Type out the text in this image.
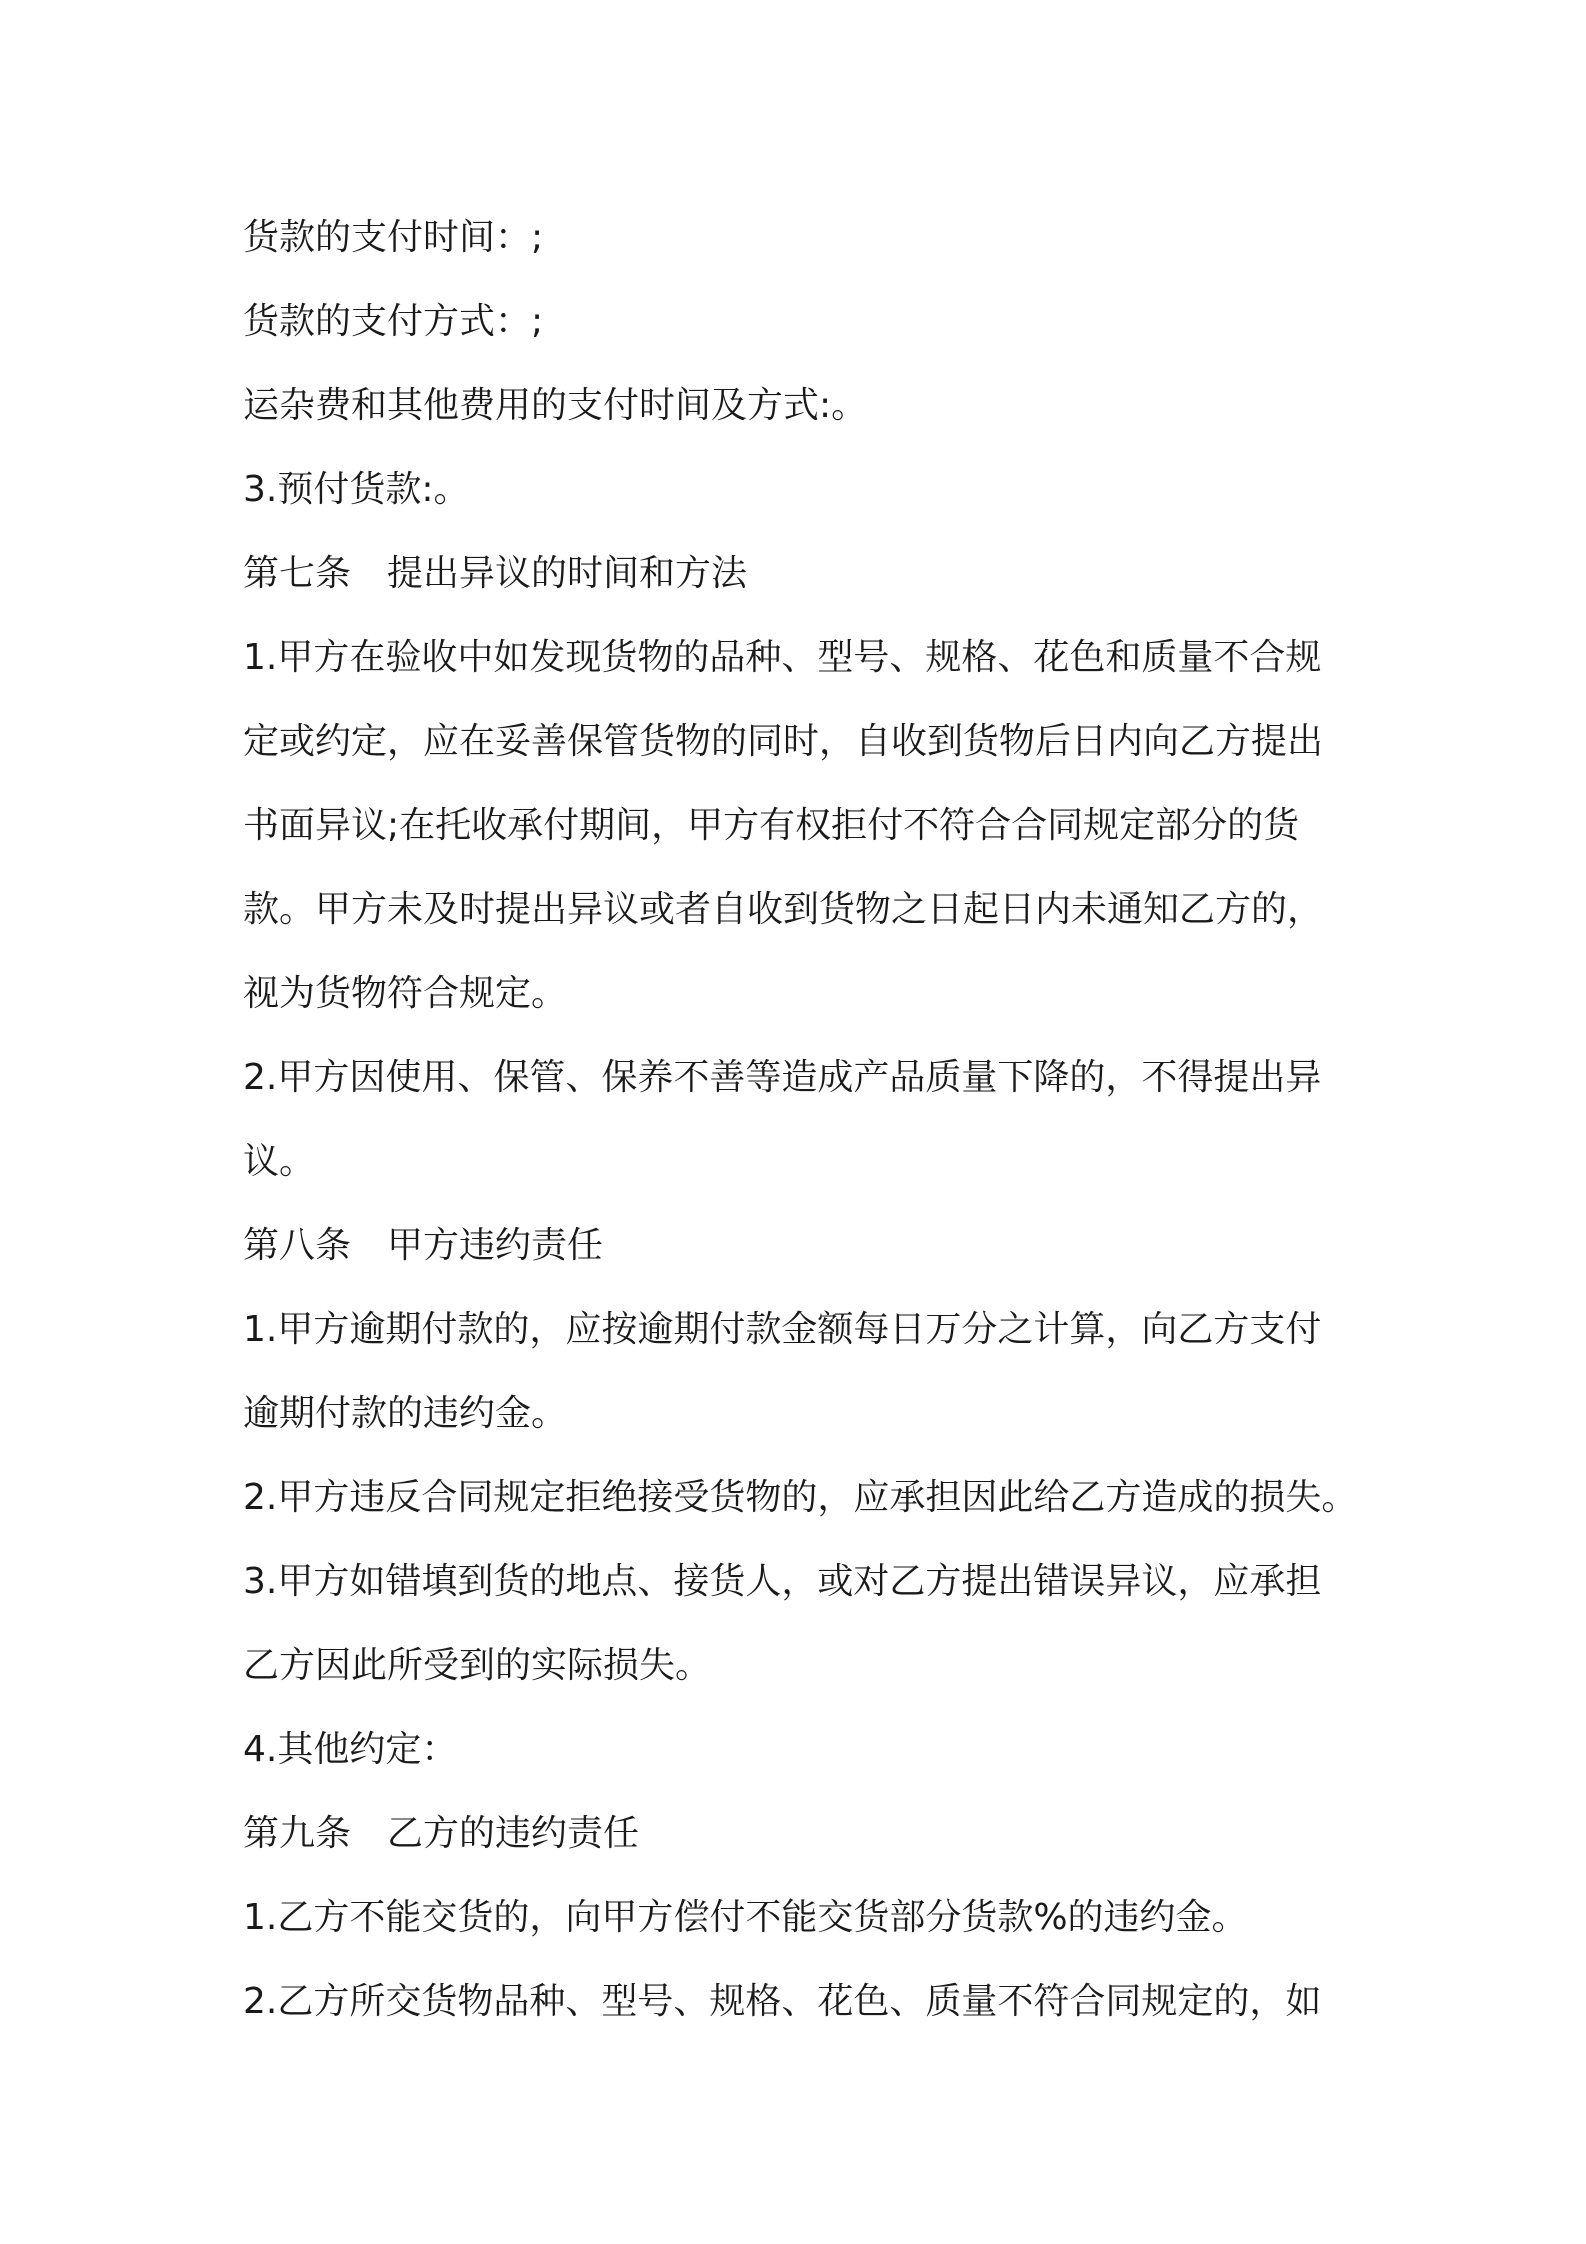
货款的支付时间：;
货款的支付方式：;
运杂费和其他费用的支付时间及方式:。
3.预付货款:。
第七条　提出异议的时间和方法
1.甲方在验收中如发现货物的品种、型号、规格、花色和质量不合规
定或约定，应在妥善保管货物的同时，自收到货物后日内向乙方提出
书面异议;在托收承付期间，甲方有权拒付不符合合同规定部分的货
款。甲方未及时提出异议或者自收到货物之日起日内未通知乙方的，
视为货物符合规定。
2.甲方因使用、保管、保养不善等造成产品质量下降的，不得提出异
议。
第八条　甲方违约责任
1.甲方逾期付款的，应按逾期付款金额每日万分之计算，向乙方支付
逾期付款的违约金。
2.甲方违反合同规定拒绝接受货物的，应承担因此给乙方造成的损失。
3.甲方如错填到货的地点、接货人，或对乙方提出错误异议，应承担
乙方因此所受到的实际损失。
4.其他约定：
第九条　乙方的违约责任
1.乙方不能交货的，向甲方偿付不能交货部分货款%的违约金。
2.乙方所交货物品种、型号、规格、花色、质量不符合同规定的，如
